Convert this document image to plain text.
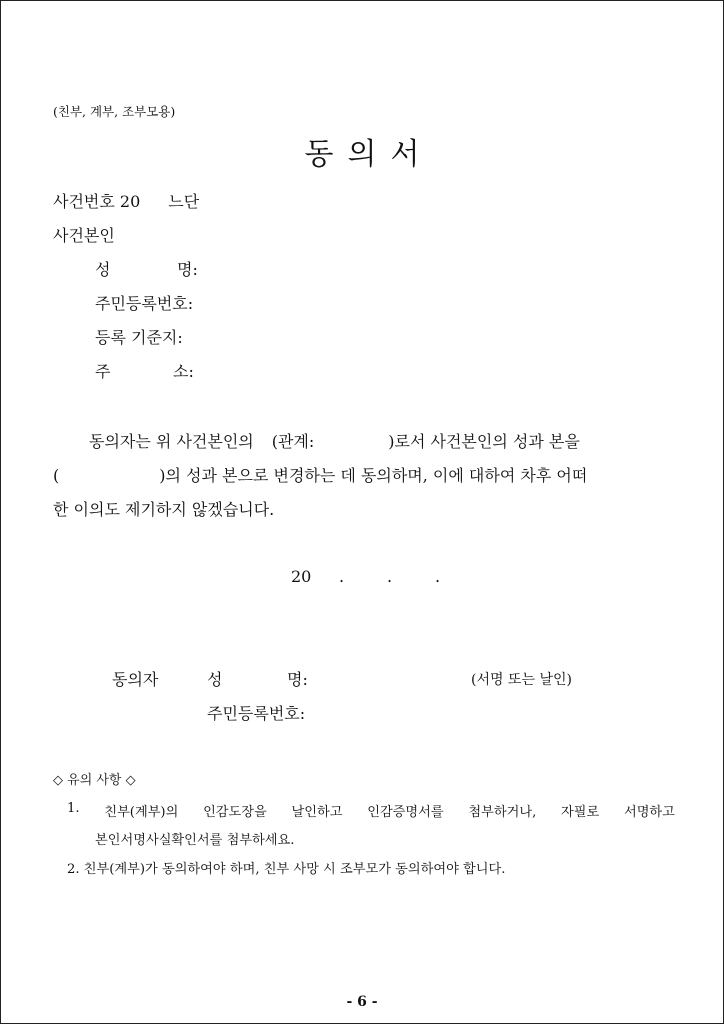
(친부, 계부, 조부모용)
동 의 서
사건번호 20 느단
사건본인
성	명:
주민등록번호:
등록 기준지:
주	소:
동의자는 위 사건본인의 (관계:	)로서 사건본인의 성과 본을
(	)의 성과 본으로 변경하는 데 동의하며, 이에 대하여 차후 어떠
한 이의도 제기하지 않겠습니다.
20 .	.	.
동의자	성	명:	(서명 또는 날인)
주민등록번호:
◇ 유의 사항 ◇
1. 친부(계부)의 인감도장을 날인하고 인감증명서를 첨부하거나, 자필로 서명하고
본인서명사실확인서를 첨부하세요.
2. 친부(계부)가 동의하여야 하며, 친부 사망 시 조부모가 동의하여야 합니다.
- 6 -
